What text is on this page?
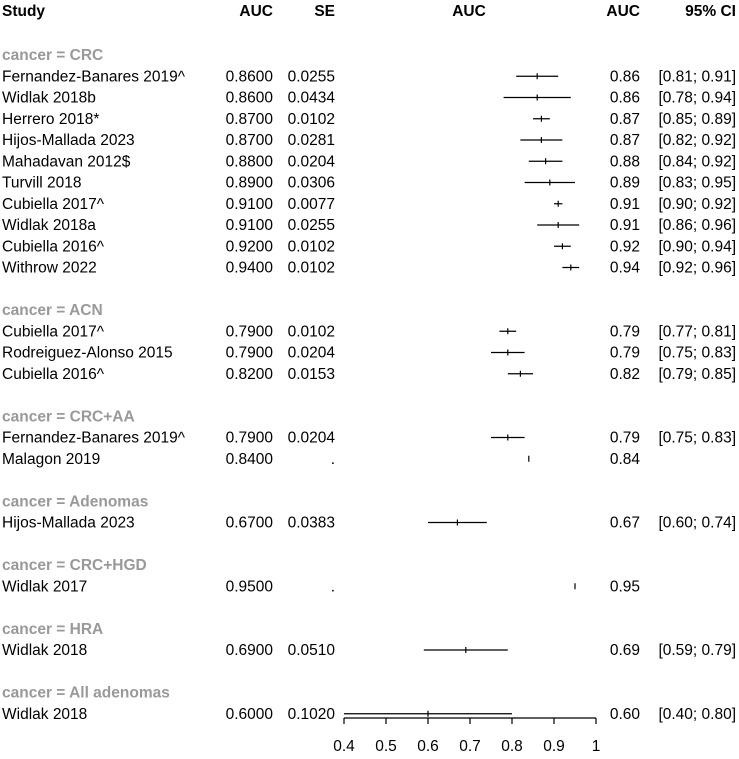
Study	AUC	SE	AUC	AUC	95% CI
cancer = CRC
Fernandez-Banares 2019^	0.8600 0.0255	0.86 [0.81; 0.91]
Widlak 2018b	0.8600 0.0434	0.86 [0.78; 0.94]
Herrero 2018*	0.8700 0.0102	0.87 [0.85; 0.89]
Hijos-Mallada 2023	0.8700 0.0281	0.87 [0.82; 0.92]
Mahadavan 2012$	0.8800 0.0204	0.88 [0.84; 0.92]
Turvill 2018	0.8900 0.0306	0.89 [0.83; 0.95]
Cubiella 2017^	0.9100 0.0077	0.91 [0.90; 0.92]
Widlak 2018a	0.9100 0.0255	0.91 [0.86; 0.96]
Cubiella 2016^	0.9200 0.0102	0.92 [0.90; 0.94]
Withrow 2022	0.9400 0.0102	0.94 [0.92; 0.96]
cancer = ACN
Cubiella 2017^	0.7900 0.0102	0.79 [0.77; 0.81]
Rodreiguez-Alonso 2015	0.7900 0.0204	0.79 [0.75; 0.83]
Cubiella 2016^	0.8200 0.0153	0.82 [0.79; 0.85]
cancer = CRC+AA
Fernandez-Banares 2019^	0.7900 0.0204	0.79 [0.75; 0.83]
Malagon 2019	0.8400	.	0.84
cancer = Adenomas
Hijos-Mallada 2023	0.6700 0.0383	0.67 [0.60; 0.74]
cancer = CRC+HGD
Widlak 2017	0.9500	.	0.95
cancer = HRA
Widlak 2018	0.6900 0.0510	0.69 [0.59; 0.79]
cancer = All adenomas
Widlak 2018	0.6000 0.1020	0.60 [0.40; 0.80]
0.4 0.5 0.6 0.7 0.8 0.9 1
